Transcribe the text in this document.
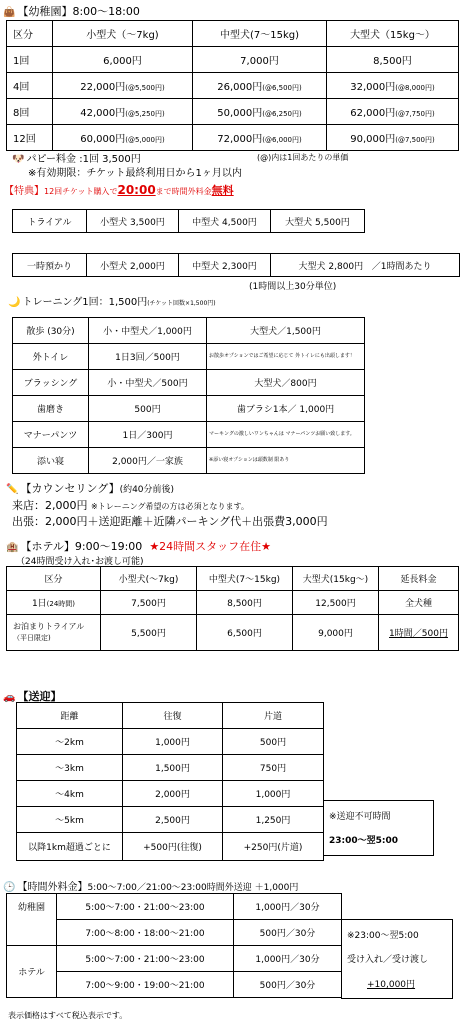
👜 【幼稚園】8:00～18:00
区分	小型犬（～7kg)	中型犬(7～15kg)	大型犬（15kg～）
1回	6,000円	7,000円	8,500円
4回	22,000円(@5,500円)	26,000円(@6,500円)	32,000円(@8,000円)
8回	42,000円(@5,250円)	50,000円(@6,250円)	62,000円(@7,750円)
12回	60,000円(@5,000円)	72,000円(@6,000円)	90,000円(@7,500円)
🐶 パピー料金 :1回 3,500円	(@)内は1回あたりの単価
※有効期限：チケット最終利用日から1ヶ月以内
【特典】12回チケット購入で20:00まで時間外料金無料
トライアル	小型犬 3,500円	中型犬 4,500円	大型犬 5,500円
一時預かり	小型犬 2,000円	中型犬 2,300円	大型犬 2,800円 ／1時間あたり
(1時間以上30分単位)
🌙 トレーニング1回：1,500円(チケット回数×1,500円)
散歩 (30分)	小・中型犬／1,000円	大型犬／1,500円
外トイレ	1日3回／500円	お散歩オプションではご希望に応じて 外トイレにも出頭します！
ブラッシング	小・中型犬／500円	大型犬／800円
歯磨き	500円	歯ブラシ1本／ 1,000円
マナーパンツ	1日／300円	マーキングの激しいワンちゃんは マナーパンツお願い致します。
添い寝	2,000円／一家族	※添い寝オプションは頭数制 限あり
✏️ 【カウンセリング】(約40分前後)
来店：2,000円 ※トレーニング希望の方は必須となります。
出張：2,000円＋送迎距離＋近隣パーキング代＋出張費3,000円
🏨 【ホテル】9:00～19:00 ★24時間スタッフ在住★
（24時間受け入れ･お渡し可能)
区分	小型犬(～7kg)	中型犬(7～15kg)	大型犬(15kg～)	延長料金
1日(24時間)	7,500円	8,500円	12,500円	全犬種
お泊まりトライアル
（平日限定)	5,500円	6,500円	9,000円	1時間／500円
🚗 【送迎】
距離	往復	片道
～2km	1,000円	500円
～3km	1,500円	750円
～4km	2,000円	1,000円
～5km	2,500円	1,250円
以降1km超過ごとに	+500円(往復)	+250円(片道)
※送迎不可時間
23:00～翌5:00
🕒 【時間外料金】5:00～7:00／21:00～23:00時間外送迎 ＋1,000円
幼稚園	5:00～7:00・21:00～23:00	1,000円／30分
	7:00～8:00・18:00～21:00	500円／30分
ホテル	5:00～7:00・21:00～23:00	1,000円／30分
	7:00～9:00・19:00～21:00	500円／30分
※23:00～翌5:00
受け入れ／受け渡し
+10,000円
表示価格はすべて税込表示です。
